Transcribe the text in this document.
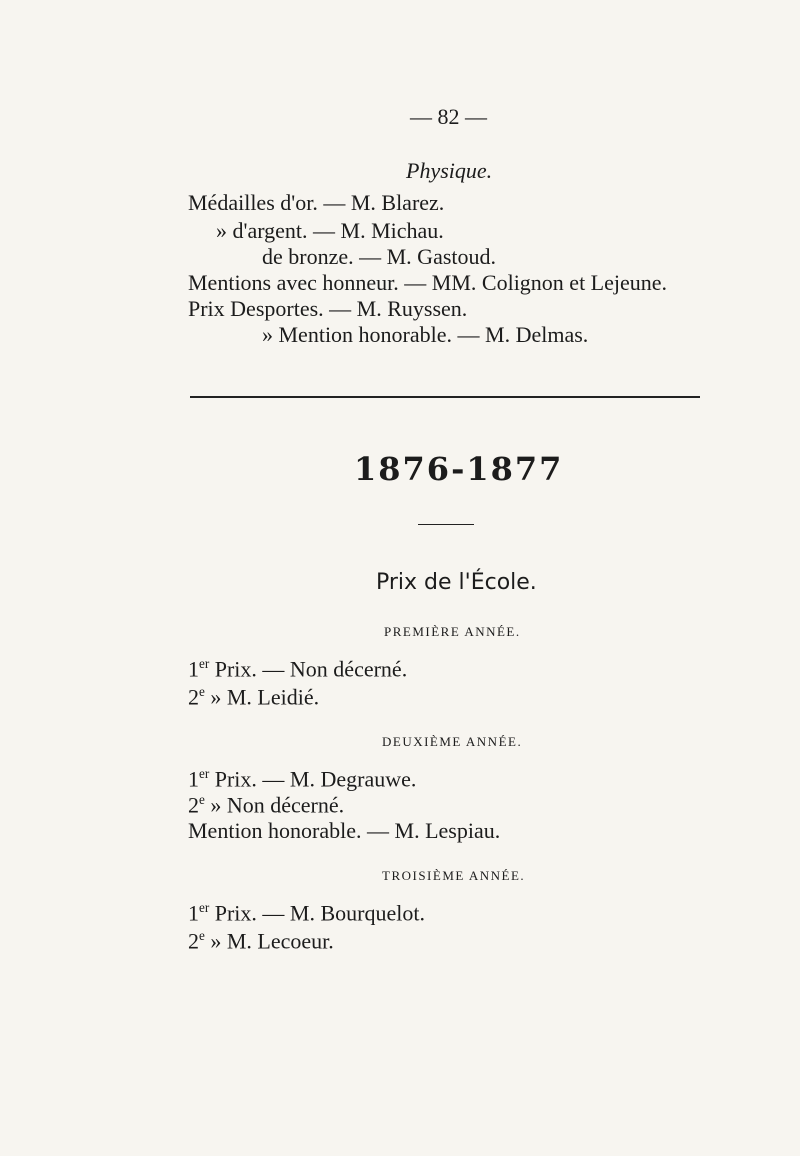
— 82 —
Physique.
Médailles d'or. — M. Blarez.
» d'argent. — M. Michau.
de bronze. — M. Gastoud.
Mentions avec honneur. — MM. Colignon et Lejeune.
Prix Desportes. — M. Ruyssen.
» Mention honorable. — M. Delmas.
1876-1877
Prix de l'École.
PREMIÈRE ANNÉE.
1er Prix. — Non décerné.
2e » M. Leidié.
DEUXIÈME ANNÉE.
1er Prix. — M. Degrauwe.
2e » Non décerné.
Mention honorable. — M. Lespiau.
TROISIÈME ANNÉE.
1er Prix. — M. Bourquelot.
2e » M. Lecoeur.
